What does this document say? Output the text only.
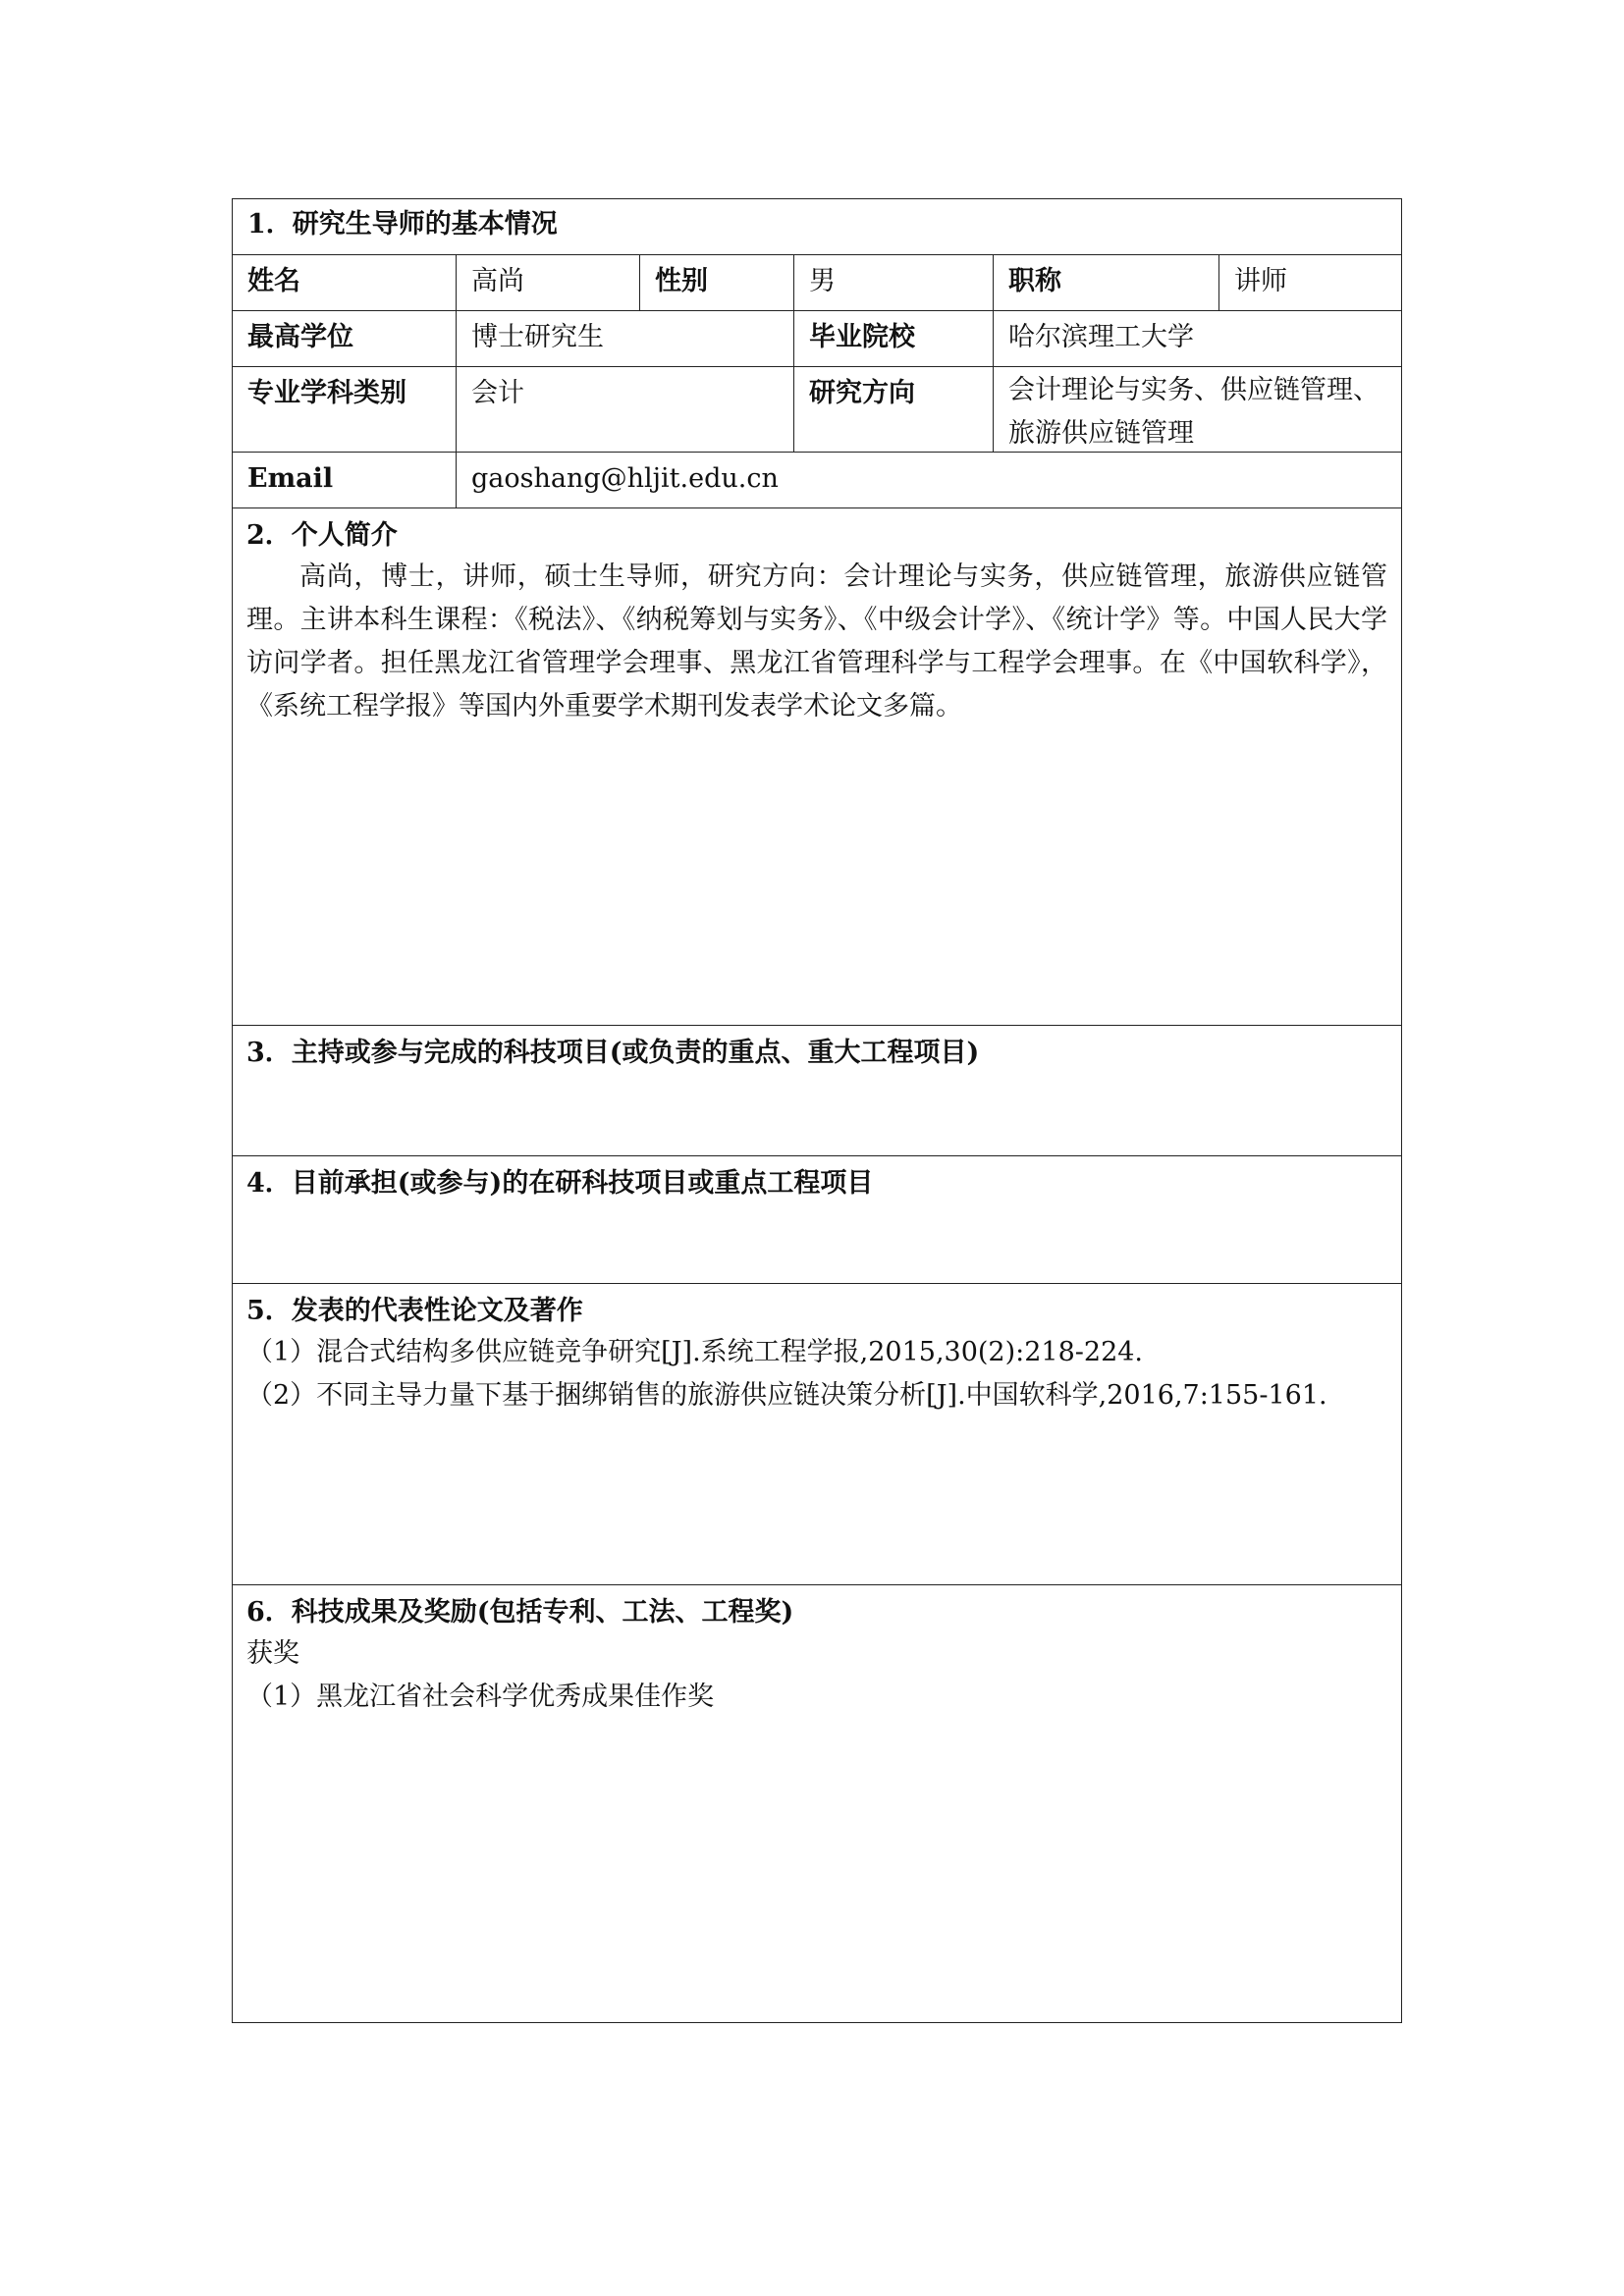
1．研究生导师的基本情况
姓名	高尚	性别	男	职称	讲师
最高学位	博士研究生	毕业院校	哈尔滨理工大学
专业学科类别	会计	研究方向	会计理论与实务、供应链管理、旅游供应链管理
Email	gaoshang@hljit.edu.cn
2．个人简介

高尚，博士，讲师，硕士生导师，研究方向：会计理论与实务，供应链管理，旅游供应链管理。主讲本科生课程：《税法》、《纳税筹划与实务》、《中级会计学》、《统计学》等。中国人民大学访问学者。担任黑龙江省管理学会理事、黑龙江省管理科学与工程学会理事。在《中国软科学》，《系统工程学报》等国内外重要学术期刊发表学术论文多篇。

3．主持或参与完成的科技项目(或负责的重点、重大工程项目)
4．目前承担(或参与)的在研科技项目或重点工程项目
5．发表的代表性论文及著作

（1）混合式结构多供应链竞争研究[J].系统工程学报,2015,30(2):218-224.

（2）不同主导力量下基于捆绑销售的旅游供应链决策分析[J].中国软科学,2016,7:155-161.

6．科技成果及奖励(包括专利、工法、工程奖)

获奖

（1）黑龙江省社会科学优秀成果佳作奖
